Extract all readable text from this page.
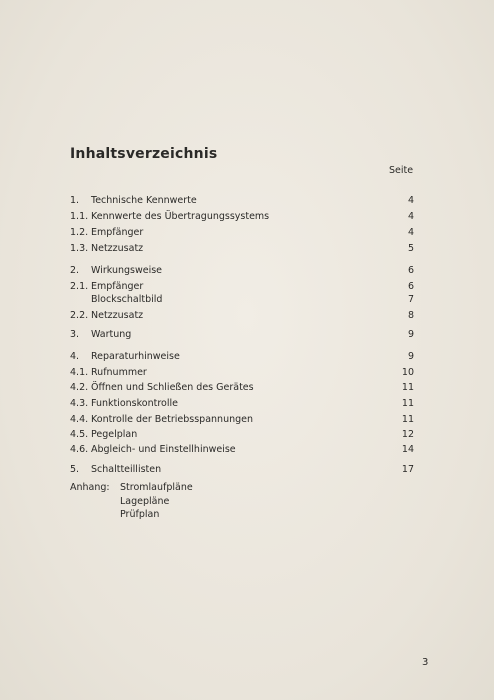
Inhaltsverzeichnis
Seite
1. Technische Kennwerte	4
1.1. Kennwerte des Übertragungssystems	4
1.2. Empfänger	4
1.3. Netzzusatz	5
2. Wirkungsweise	6
2.1. Empfänger	6
Blockschaltbild	7
2.2. Netzzusatz	8
3. Wartung	9
4. Reparaturhinweise	9
4.1. Rufnummer	10
4.2. Öffnen und Schließen des Gerätes	11
4.3. Funktionskontrolle	11
4.4. Kontrolle der Betriebsspannungen	11
4.5. Pegelplan	12
4.6. Abgleich- und Einstellhinweise	14
5. Schaltteillisten	17
Anhang: Stromlaufpläne
Lagepläne
Prüfplan
3
